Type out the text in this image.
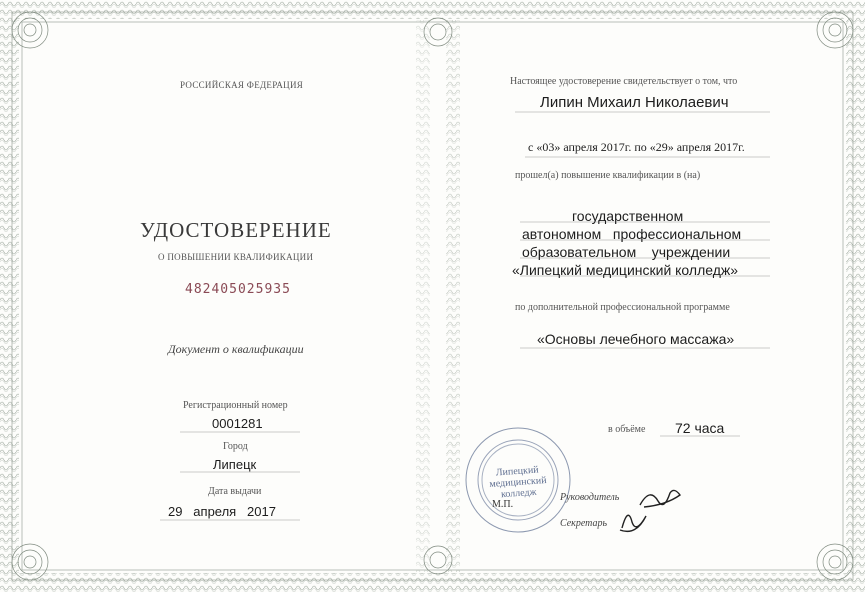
РОССИЙСКАЯ ФЕДЕРАЦИЯ
УДОСТОВЕРЕНИЕ
О ПОВЫШЕНИИ КВАЛИФИКАЦИИ
482405025935
Документ о квалификации
Регистрационный номер
0001281
Город
Липецк
Дата выдачи
29   апреля   2017
Настоящее удостоверение свидетельствует о том, что
Липин Михаил Николаевич
с «03» апреля 2017г. по «29» апреля 2017г.
прошел(а) повышение квалификации в (на)
государственном
автономном   профессиональном
образовательном    учреждении
«Липецкий медицинский колледж»
по дополнительной профессиональной программе
«Основы лечебного массажа»
в объёме 72 часа
Липецкий медицинский колледж
М.П.
Руководитель
Секретарь
